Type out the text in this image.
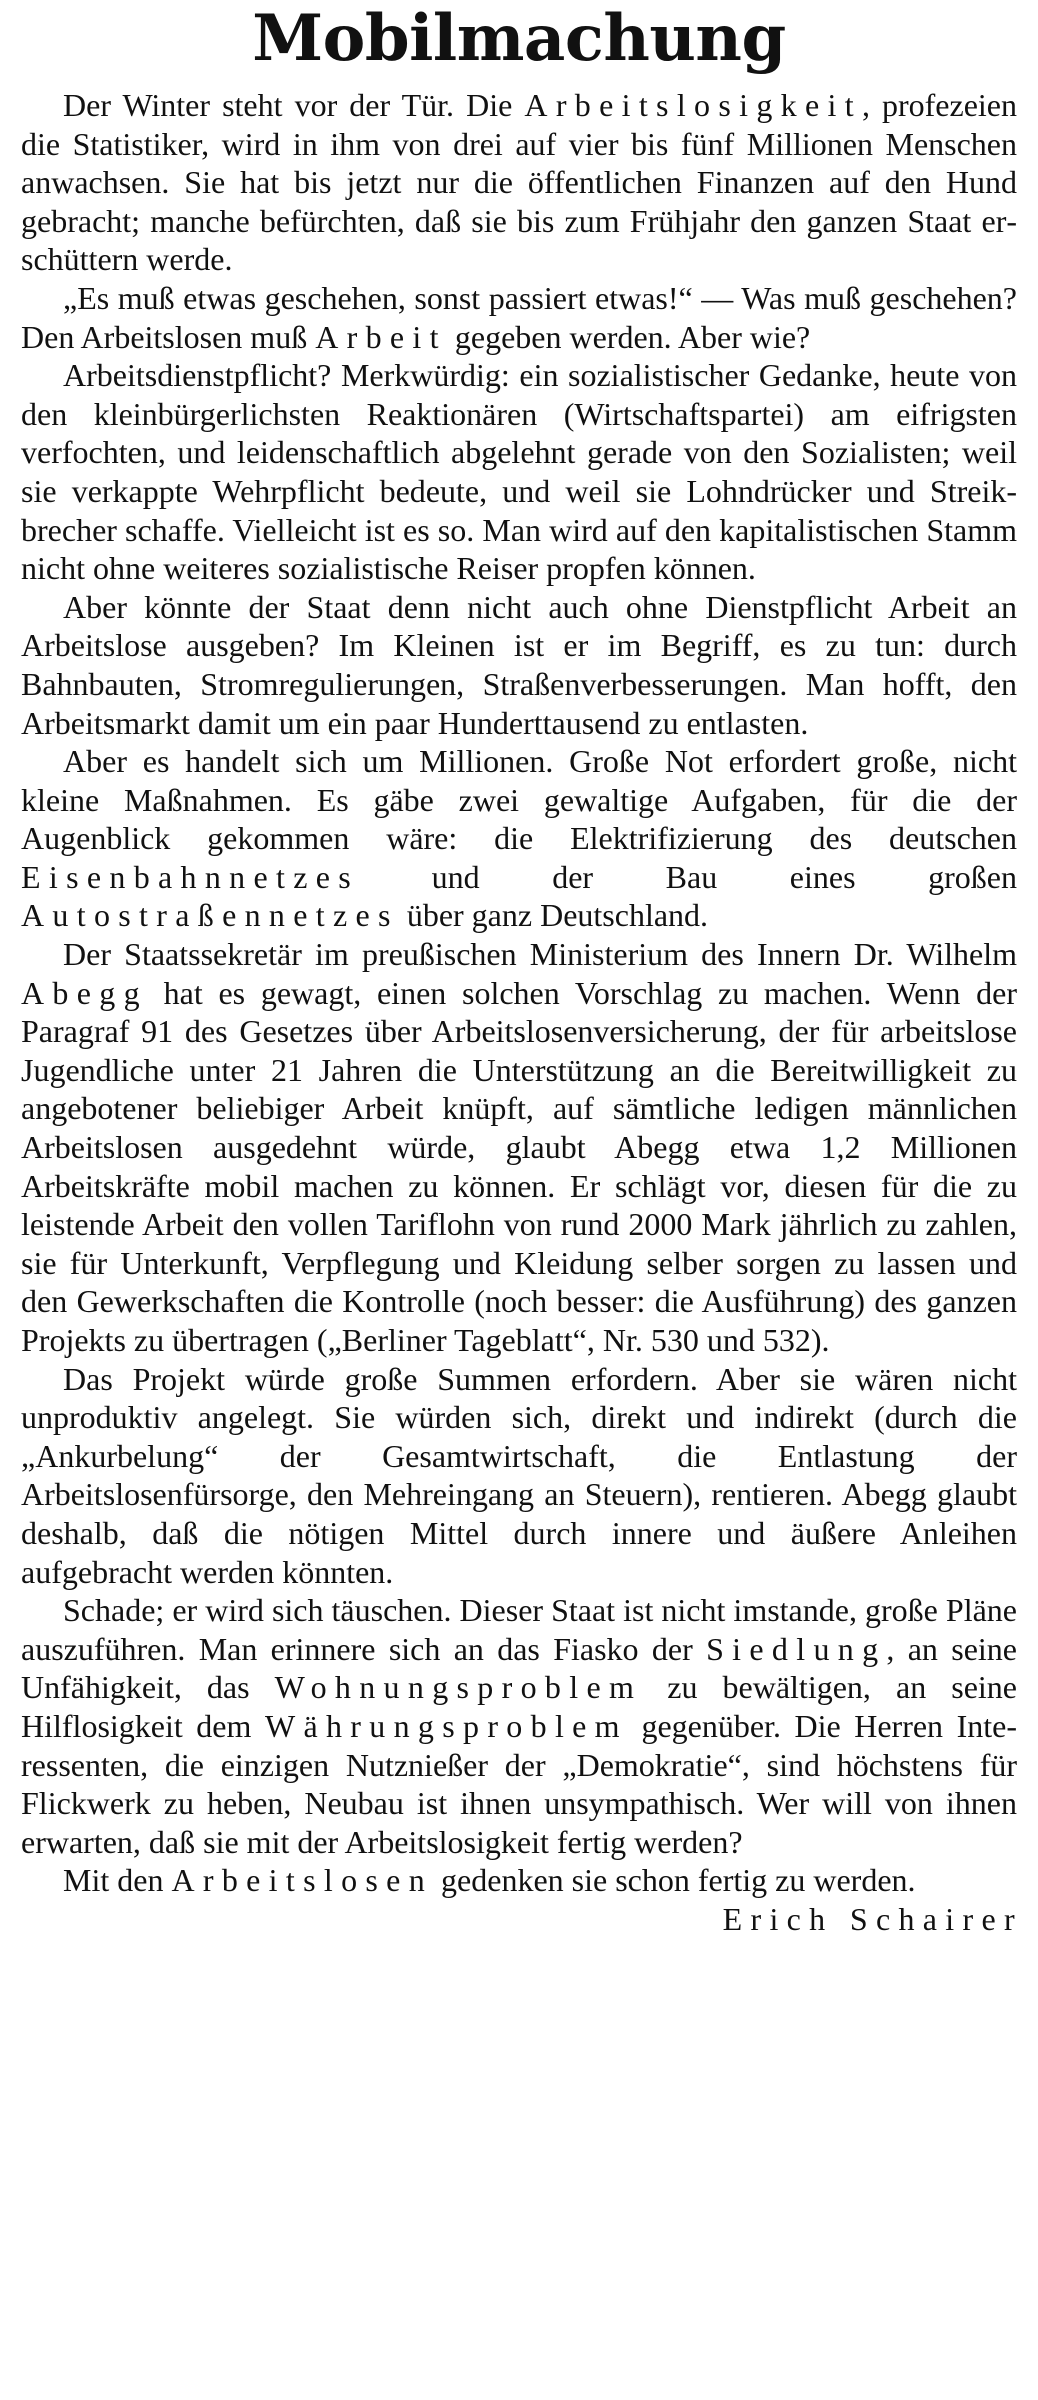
Mobilmachung

Der Winter steht vor der Tür. Die Arbeitslosigkeit, profezeien die Statistiker, wird in ihm von drei auf vier bis fünf Millionen Menschen anwachsen. Sie hat bis jetzt nur die öffentlichen Finanzen auf den Hund gebracht; manche befürchten, daß sie bis zum Frühjahr den ganzen Staat erschüttern werde.

„Es muß etwas geschehen, sonst passiert etwas!“ — Was muß geschehen? Den Arbeitslosen muß Arbeit gegeben werden. Aber wie?

Arbeitsdienstpflicht? Merkwürdig: ein sozialistischer Gedanke, heute von den kleinbürgerlichsten Reaktionären (Wirtschaftspartei) am eifrigsten verfochten, und leidenschaftlich abgelehnt gerade von den Sozialisten; weil sie verkappte Wehrpflicht bedeute, und weil sie Lohndrücker und Streikbrecher schaffe. Vielleicht ist es so. Man wird auf den kapitalistischen Stamm nicht ohne weiteres sozialistische Reiser propfen können.

Aber könnte der Staat denn nicht auch ohne Dienstpflicht Arbeit an Arbeitslose ausgeben? Im Kleinen ist er im Begriff, es zu tun: durch Bahnbauten, Stromregulierungen, Straßenverbesserungen. Man hofft, den Arbeitsmarkt damit um ein paar Hunderttausend zu entlasten.

Aber es handelt sich um Millionen. Große Not erfordert große, nicht kleine Maßnahmen. Es gäbe zwei gewaltige Aufgaben, für die der Augenblick gekommen wäre: die Elektrifizierung des deutschen Eisenbahnnetzes und der Bau eines großen Autostraßennetzes über ganz Deutschland.

Der Staatssekretär im preußischen Ministerium des Innern Dr. Wilhelm Abegg hat es gewagt, einen solchen Vorschlag zu machen. Wenn der Paragraf 91 des Gesetzes über Arbeitslosenversicherung, der für arbeitslose Jugendliche unter 21 Jahren die Unterstützung an die Bereitwilligkeit zu angebotener beliebiger Arbeit knüpft, auf sämtliche ledigen männlichen Arbeitslosen ausgedehnt würde, glaubt Abegg etwa 1,2 Millionen Arbeitskräfte mobil machen zu können. Er schlägt vor, diesen für die zu leistende Arbeit den vollen Tariflohn von rund 2000 Mark jährlich zu zahlen, sie für Unterkunft, Verpflegung und Kleidung selber sorgen zu lassen und den Gewerkschaften die Kontrolle (noch besser: die Ausführung) des ganzen Projekts zu übertragen („Berliner Tageblatt“, Nr. 530 und 532).

Das Projekt würde große Summen erfordern. Aber sie wären nicht unproduktiv angelegt. Sie würden sich, direkt und indirekt (durch die „Ankurbelung“ der Gesamtwirtschaft, die Entlastung der Arbeitslosenfürsorge, den Mehreingang an Steuern), rentieren. Abegg glaubt deshalb, daß die nötigen Mittel durch innere und äußere Anleihen aufgebracht werden könnten.

Schade; er wird sich täuschen. Dieser Staat ist nicht imstande, große Pläne auszuführen. Man erinnere sich an das Fiasko der Siedlung, an seine Unfähigkeit, das Wohnungsproblem zu bewältigen, an seine Hilflosigkeit dem Währungsproblem gegenüber. Die Herren Interessenten, die einzigen Nutznießer der „Demokratie“, sind höchstens für Flickwerk zu heben, Neubau ist ihnen unsympathisch. Wer will von ihnen erwarten, daß sie mit der Arbeitslosigkeit fertig werden?

Mit den Arbeitslosen gedenken sie schon fertig zu werden.
Erich Schairer
